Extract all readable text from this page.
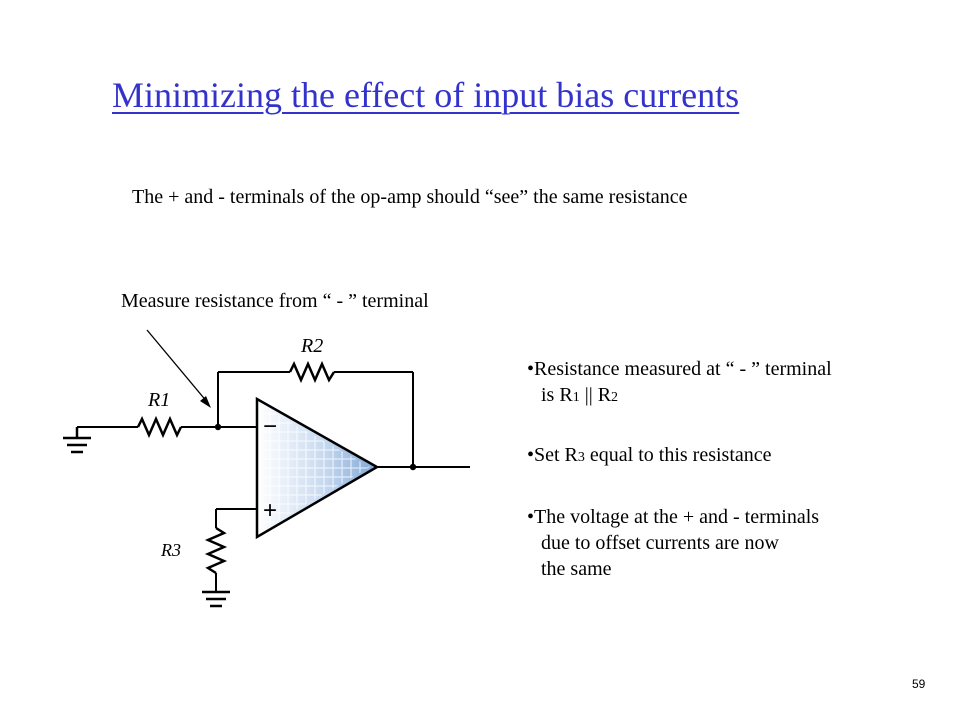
Minimizing the effect of input bias currents
The + and - terminals of the op-amp should “see” the same resistance
Measure resistance from “ - ” terminal
−
+
R1
R2
R3
•Resistance measured at “ - ” terminal
is R1 || R2
•Set R3 equal to this resistance
•The voltage at the + and - terminals
due to offset currents are now
the same
59
